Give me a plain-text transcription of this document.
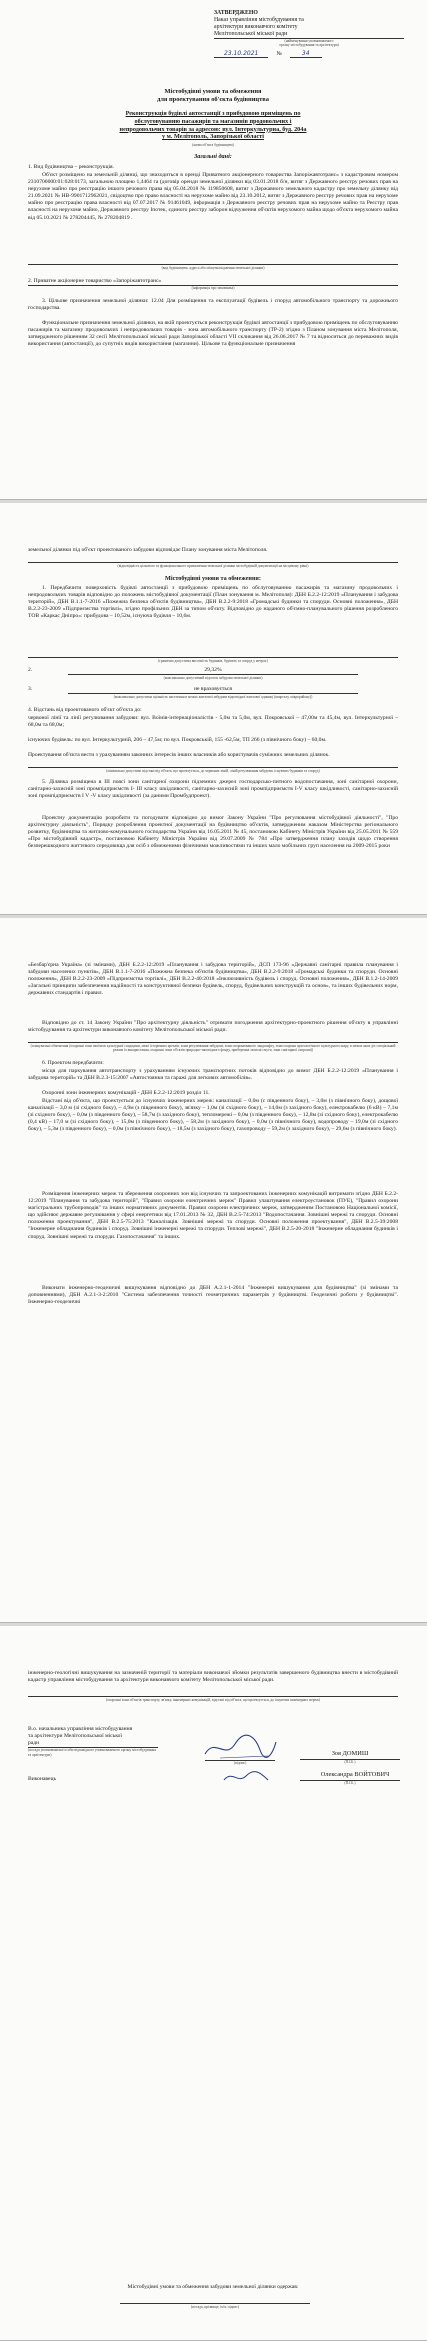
ЗАТВЕРДЖЕНО
Наказ управління містобудування та
архітектури виконавчого комітету
Мелітопольської міської ради
(найменування уповноваженого
органу містобудування та архітектури)
23.10.2021	№	34
Містобудівні умови та обмеження
для проектування об'єкта будівництва
Реконструкція будівлі автостанції з прибудовою приміщень по
обслуговуванню пасажирів та магазинів продовольчих і
непродовольчих товарів за адресою: вул. Інтеркультурна, буд. 204а
у м. Мелітополь, Запорізької області
(назва об'єкта будівництва)
Загальні дані:
1. Вид будівництва – реконструкція.
Об'єкт розміщено на земельній ділянці, що знаходиться в оренді Приватного акціонерного товариства Запоріжавтотранс» з кадастровим номером 2310700000:01:028:0173, загальною площею 1,4464 га (договір оренди земельної ділянки від 03.01.2018 б/н, витяг з Державного реєстру речових прав на нерухоме майно про реєстрацію іншого речового права від 05.04.2018 № 119850608, витяг з Державного земельного кадастру про земельну ділянку від 21.09.2021 № НВ-9901712962021, свідоцтво про право власності на нерухоме майно від 23.10.2012, витяг з Державного реєстру речових прав на нерухоме майно про реєстрацію права власності від 07.07.2017 № 91461049, інформація з Державного реєстру речових прав на нерухоме майно та Реєстру прав власності на нерухоме майно, Державного реєстру Іпотек, єдиного реєстру заборон відчуження об'єктів нерухомого майна щодо об'єкта нерухомого майна від 05.10.2021 № 278204445, № 278204819 .
(вид будівництва, адреса або місцезнаходження земельної ділянки)
2. Приватне акціонерне товариство «Запоріжавтотранс»
(інформація про замовника)
3. Цільове призначення земельної ділянки: 12.04 Для розміщення та експлуатації будівель і споруд автомобільного транспорту та дорожнього господарства.
Функціональне призначення земельної ділянки, на якій проектується реконструкція будівлі автостанції з прибудовою приміщень по обслуговуванню пасажирів та магазину продовольчих і непродовольчих товарів - зона автомобільного транспорту (ТР-2) згідно з Планом зонування міста Мелітополя, затвердженого рішенням 32 сесії Мелітопольської міської ради Запорізької області VII скликання від 26.06.2017 № 7 та відноситься до переважних видів використання (автостанції), до супутніх видів використання (магазини). Цільове та функціональне призначення
земельної ділянки під об'єкт проектованого забудови відповідає Плану зонування міста Мелітополя.
(відповідність цільового та функціонального призначення земельної ділянки містобудівній документації на місцевому рівні)
Містобудівні умови та обмеження:
1. Передбачити поверховість будівлі автостанції з прибудовою приміщень по обслуговуванню пасажирів та магазину продовольчих і непродовольчих товарів відповідно до положень містобудівної документації (План зонування м. Мелітополя): ДБН Б.2.2-12:2019 «Планування і забудова територій», ДБН В.1.1-7-2016 «Пожежна безпека об'єктів будівництва», ДБН В.2.2-9:2018 «Громадські будинки та споруди. Основні положення», ДБН В.2.2-23-2009 «Підприємства торгівлі», згідно профільних ДБН за типом об'єкту. Відповідно до наданого об'ємно-планувального рішення розробленого ТОВ «Каркас Дніпро»: прибудова – 10,52м, існуюча будівля – 10,6м.
(гранично допустима висотність будинків, будівель та споруд у метрах)
2.	29,32%
(максимально допустимий відсоток забудови земельної ділянки)
3.	не враховується
(максимально допустима щільність населення в межах житлової забудови відповідної житлової одиниці (кварталу, мікрорайону))
4. Відстань від проектованого об'єкт об'єкта до:
червоної лінії та лінії регулювання забудови: вул. Воїнів-інтернаціоналістів - 5,0м та 5,0м, вул. Покровської – 47,00м та 45,4м, вул. Інтеркультурної – 68,0м та 68,0м;
існуючих будівель: по вул. Інтеркультурній, 206 – 47,5м; по вул. Покровській, 155 -62,5м, ТП 266 (з північного боку) – 60,0м.
Проектування об'єкта вести з урахуванням законних інтересів інших власників або користувачів суміжних земельних ділянок.
(мінімально допустимі відстані від об'єкта, що проектується, до червоних ліній, ліній регулювання забудови, існуючих будинків та споруд)
5. Ділянка розміщена в ІІІ поясі зони санітарної охорони підземних джерел господарсько-питного водопостачання, зоні санітарної охорони, санітарно-захисній зоні промпідприємств І- ІІІ класу шкідливості, санітарно-захисній зоні промпідприємств І-V класу шкідливості, санітарно-захисній зоні промпідприємств I V -V класу шкідливості (за даними Промбудпроект).
Проектну документацію розробити та погодувати відповідно до вимог Закону України "Про регулювання містобудівної діяльності", "Про архітектурну діяльність", Порядку розроблення проектної документації на будівництво об'єктів, затвердженим наказом Міністерства регіонального розвитку, будівництва та житлово-комунального господарства України від 16.05.2011 № 45, постановою Кабінету Міністрів України від 25.05.2011 № 559 «Про містобудівний кадастр», постановою Кабінету Міністрів України від 29.07.2009 № 784 «Про затвердження плану заходів щодо створення безперешкодного життєвого середовища для осіб з обмеженими фізичними можливостями та інших мало мобільних груп населення на 2009-2015 роки
«Безбар'єрна Україна» (зі змінами), ДБН Б.2.2-12:2019 «Планування і забудова територій», ДСП 173-96 «Державні санітарні правила планування і забудови населених пунктів», ДБН В.1.1-7-2016 «Пожежна безпека об'єктів будівництва», ДБН В.2.2-9:2018 «Громадські будинки та споруди. Основні положення», ДБН В.2.2-23-2009 «Підприємства торгівлі», ДБН В.2.2-40:2018 «Інклюзивність будівель і споруд. Основні положення», ДБН В.1.2-14-2009 «Загальні принципи забезпечення надійності та конструктивної безпеки будівель, споруд, будівельних конструкцій та основ», та інших будівельних норм, державних стандартів і правил.
Відповідно до ст. 14 Закону України "Про архітектурну діяльність" отримати погодження архітектурно-проектного рішення об'єкту в управлінні містобудування та архітектури виконавчого комітету Мелітопольської міської ради.
(планувальні обмеження (охоронні зони пам'яток культурної спадщини, межі історичних ареалів, зони регулювання забудови, зони охоронюваного ландшафту, зони охорони археологічного культурного шару, в межах яких діє спеціальний режим їх використання, охоронні зони об'єктів природно-заповідного фонду, прибережні захисні смуги, зони санітарної охорони))
6. Проектом передбачити:
місця для паркування автотранспорту з урахуванням існуючих транспортних потоків відповідно до вимог ДБН Б.2.2-12:2019 «Планування і забудова територій» та ДБН В.2.3-15:2007 «Автостоянки та гаражі для легкових автомобілів».
Охоронні зони інженерних комунікацій - ДБН Б.2.2-12:2019 розділ 11.
Відстані від об'єкта, що проектується до існуючих інженерних мереж: каналізації – 0,0м (с південного боку), – 3,0м (з північного боку), дощової каналізації – 3,0 м (зі східного боку), – 4,9м (з південного боку), зв'язку – 1,0м (зі східного боку), – 14,0м (з західного боку), електрокабелю (6 кВ) – 7,1м (зі східного боку), – 0,0м (з південного боку), – 58,7м (з західного боку), тепломережі – 0,0м (з південного боку), – 12,8м (зі східного боку), електрокабелю (0,4 кВ) – 17,0 м (зі східного боку), – 15,0м (з південного боку), – 58,2м (з західного боку), – 0,0м (з північного боку), водопроводу – 19,0м (зі східного боку), – 5,3м (з південного боку), – 0,0м (з північного боку), – 18,5м (з західного боку), газопроводу – 59,2м (з західного боку), – 29,6м (з північного боку).
Розміщення інженерних мереж та збереження охоронних зон від існуючих та запроектованих інженерних комунікацій витримати згідно ДБН Б.2.2-12:2019 "Планування та забудова територій", "Правил охорони електричних мереж" Правил улаштування електроустановок (ПУЕ), "Правил охорони магістральних трубопроводів" та інших нормативних документів. Правил охорони електричних мереж, затвердженим Постановою Національної комісії, що здійснює державне регулювання у сфері енергетики від 17.01.2013 № 32, ДБН В.2.5-74:2013 "Водопостачання. Зовнішні мережі та споруди. Основні положення проектування", ДБН В.2.5-75:2013 "Каналізація. Зовнішні мережі та споруди. Основні положення проектування", ДБН В.2.5-39:2008 "Інженерне обладнання будинків і споруд. Зовнішні інженерні мережі та споруди. Теплові мережі", ДБН В.2.5-20-2018 "Інженерне обладнання будинків і споруд. Зовнішні мережі та споруди. Газопостачання" та інших.
Виконати інженерно-геодезичні вишукування відповідно до ДБН А.2.1-1-2014 "Інженерні вишукування для будівництва" (зі змінами та доповненнями), ДБН А.2.1-3-2:2010 "Система забезпечення точності геометричних параметрів у будівництві. Геодезичні роботи у будівництві". Інженерно-геодезичні
інженерно-геологічні вишукування на зазначеній території та матеріали виконавчої зйомки результатів завершеного будівництва внести в містобудівний кадастр управління містобудування та архітектури виконавчого комітету Мелітопольської міської ради.
(охоронні зони об'єктів транспорту, зв'язку, інженерних комунікацій, відстані від об'єкта, що проектується, до існуючих інженерних мереж)
В.о. начальника управління містобудування
та архітектури Мелітопольської міської
ради
(посада уповноваженої особи відповідного уповноваженого органу містобудування та архітектури)
(підпис)
Зоя ДОМИШ
(П.І.Б.)
Виконавець
Олександра ВОЙТОВИЧ
(П.І.Б.)
Містобудівні умови та обмеження забудови земельної ділянки одержав:
(посада, прізвище, ім'я, підпис)
